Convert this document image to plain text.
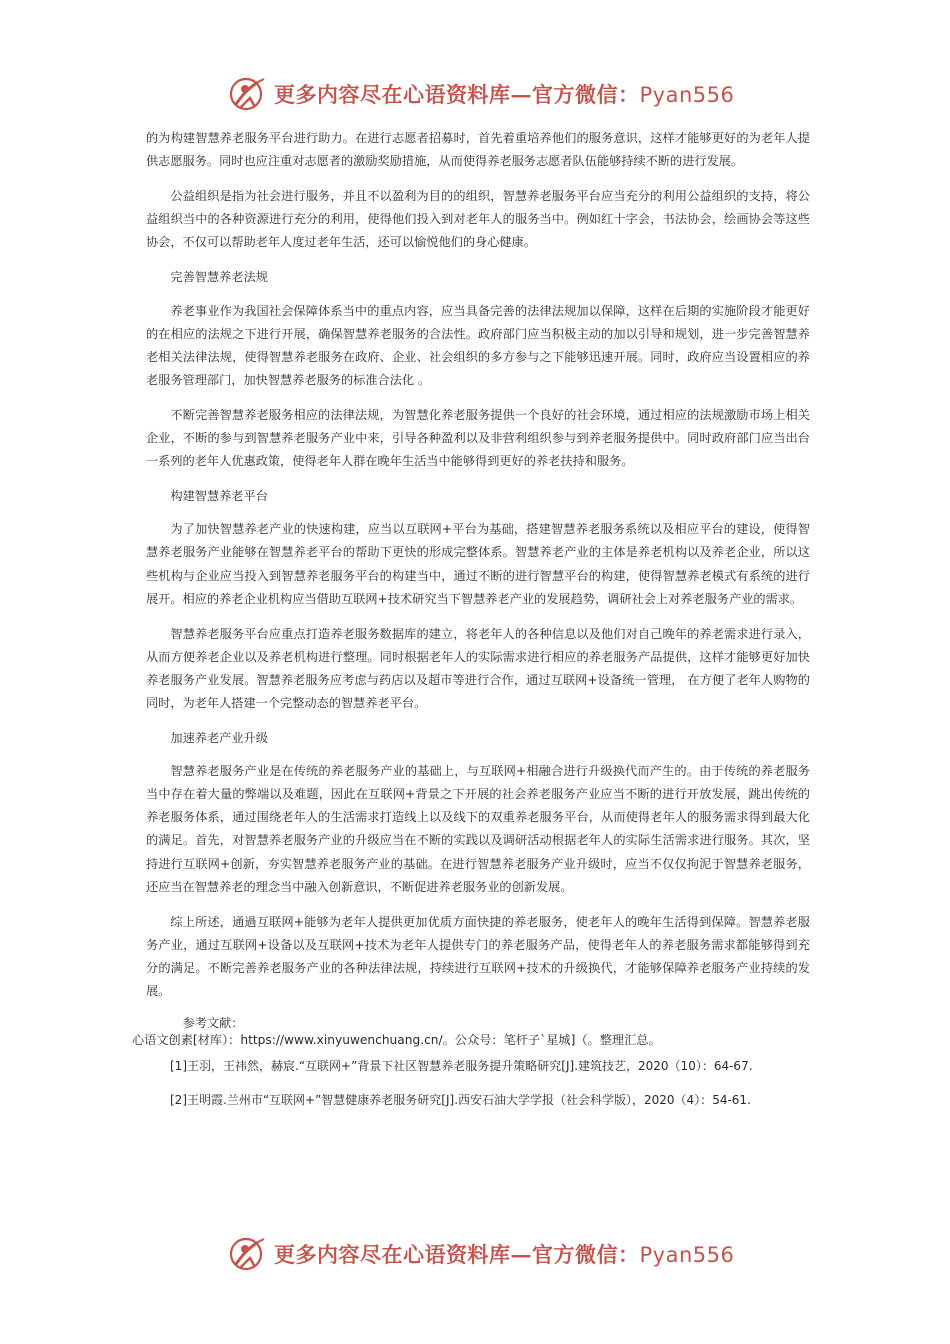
更多内容尽在心语资料库—官方微信：Pyan556

的为构建智慧养老服务平台进行助力。在进行志愿者招募时，首先着重培养他们的服务意识，这样才能够更好的为老年人提供志愿服务。同时也应注重对志愿者的激励奖励措施，从而使得养老服务志愿者队伍能够持续不断的进行发展。

公益组织是指为社会进行服务，并且不以盈利为目的的组织，智慧养老服务平台应当充分的利用公益组织的支持，将公益组织当中的各种资源进行充分的利用，使得他们投入到对老年人的服务当中。例如红十字会，书法协会，绘画协会等这些协会，不仅可以帮助老年人度过老年生活，还可以愉悦他们的身心健康。

完善智慧养老法规

养老事业作为我国社会保障体系当中的重点内容，应当具备完善的法律法规加以保障，这样在后期的实施阶段才能更好的在相应的法规之下进行开展，确保智慧养老服务的合法性。政府部门应当积极主动的加以引导和规划，进一步完善智慧养老相关法律法规，使得智慧养老服务在政府、企业、社会组织的多方参与之下能够迅速开展。同时，政府应当设置相应的养老服务管理部门，加快智慧养老服务的标准合法化 。

不断完善智慧养老服务相应的法律法规，为智慧化养老服务提供一个良好的社会环境，通过相应的法规激励市场上相关企业，不断的参与到智慧养老服务产业中来，引导各种盈利以及非营利组织参与到养老服务提供中。同时政府部门应当出台一系列的老年人优惠政策，使得老年人群在晚年生活当中能够得到更好的养老扶持和服务。

构建智慧养老平台

为了加快智慧养老产业的快速构建，应当以互联网+平台为基础，搭建智慧养老服务系统以及相应平台的建设，使得智慧养老服务产业能够在智慧养老平台的帮助下更快的形成完整体系。智慧养老产业的主体是养老机构以及养老企业，所以这些机构与企业应当投入到智慧养老服务平台的构建当中，通过不断的进行智慧平台的构建，使得智慧养老模式有系统的进行展开。相应的养老企业机构应当借助互联网+技术研究当下智慧养老产业的发展趋势，调研社会上对养老服务产业的需求。

智慧养老服务平台应重点打造养老服务数据库的建立，将老年人的各种信息以及他们对自己晚年的养老需求进行录入，从而方便养老企业以及养老机构进行整理。同时根据老年人的实际需求进行相应的养老服务产品提供，这样才能够更好加快养老服务产业发展。智慧养老服务应考虑与药店以及超市等进行合作，通过互联网+设备统一管理， 在方便了老年人购物的同时，为老年人搭建一个完整动态的智慧养老平台。

加速养老产业升级

智慧养老服务产业是在传统的养老服务产业的基础上，与互联网+相融合进行升级换代而产生的。由于传统的养老服务当中存在着大量的弊端以及难题，因此在互联网+背景之下开展的社会养老服务产业应当不断的进行开放发展，跳出传统的养老服务体系，通过围绕老年人的生活需求打造线上以及线下的双重养老服务平台，从而使得老年人的服务需求得到最大化的满足。首先，对智慧养老服务产业的升级应当在不断的实践以及调研活动根据老年人的实际生活需求进行服务。其次，坚持进行互联网+创新，夯实智慧养老服务产业的基础。在进行智慧养老服务产业升级时，应当不仅仅拘泥于智慧养老服务，还应当在智慧养老的理念当中融入创新意识，不断促进养老服务业的创新发展。

综上所述，通過互联网+能够为老年人提供更加优质方面快捷的养老服务，使老年人的晚年生活得到保障。智慧养老服务产业，通过互联网+设备以及互联网+技术为老年人提供专门的养老服务产品，使得老年人的养老服务需求都能够得到充分的满足。不断完善养老服务产业的各种法律法规，持续进行互联网+技术的升级换代，才能够保障养老服务产业持续的发展。

参考文献：
心语文创素[材库）：https://www.xinyuwenchuang.cn/。公众号：笔杆子`星城]（。整理汇总。
[1]王羽，王祎然，赫宸.“互联网+”背景下社区智慧养老服务提升策略研究[J].建筑技艺，2020（10）：64-67.
[2]王明霞.兰州市“互联网+”智慧健康养老服务研究[J].西安石油大学学报（社会科学版），2020（4）：54-61.
更多内容尽在心语资料库—官方微信：Pyan556
